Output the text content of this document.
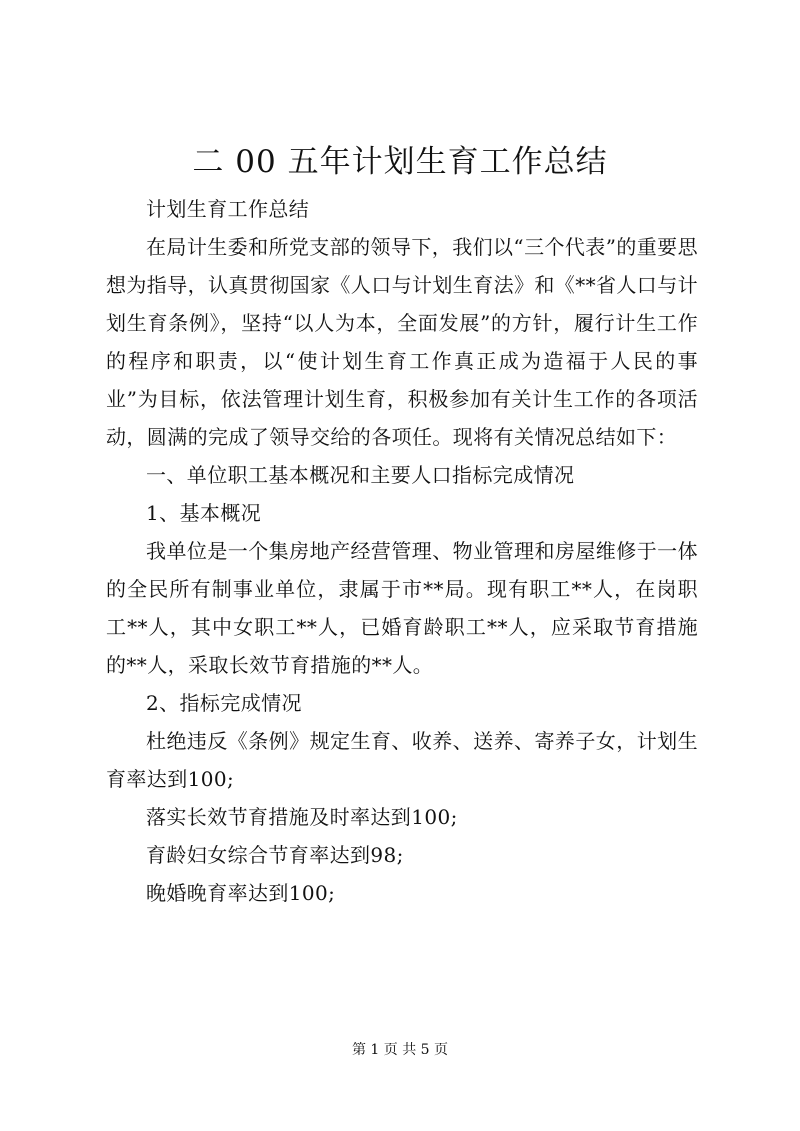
二 00 五年计划生育工作总结

计划生育工作总结

在局计生委和所党支部的领导下，我们以“三个代表”的重要思想为指导，认真贯彻国家《人口与计划生育法》和《**省人口与计划生育条例》，坚持“以人为本，全面发展”的方针，履行计生工作的程序和职责，以“使计划生育工作真正成为造福于人民的事业”为目标，依法管理计划生育，积极参加有关计生工作的各项活动，圆满的完成了领导交给的各项任。现将有关情况总结如下：

一、单位职工基本概况和主要人口指标完成情况

1、基本概况

我单位是一个集房地产经营管理、物业管理和房屋维修于一体的全民所有制事业单位，隶属于市**局。现有职工**人，在岗职工**人，其中女职工**人，已婚育龄职工**人，应采取节育措施的**人，采取长效节育措施的**人。

2、指标完成情况

杜绝违反《条例》规定生育、收养、送养、寄养子女，计划生育率达到100;

落实长效节育措施及时率达到100;

育龄妇女综合节育率达到98;

晚婚晚育率达到100;

第 1 页 共 5 页
